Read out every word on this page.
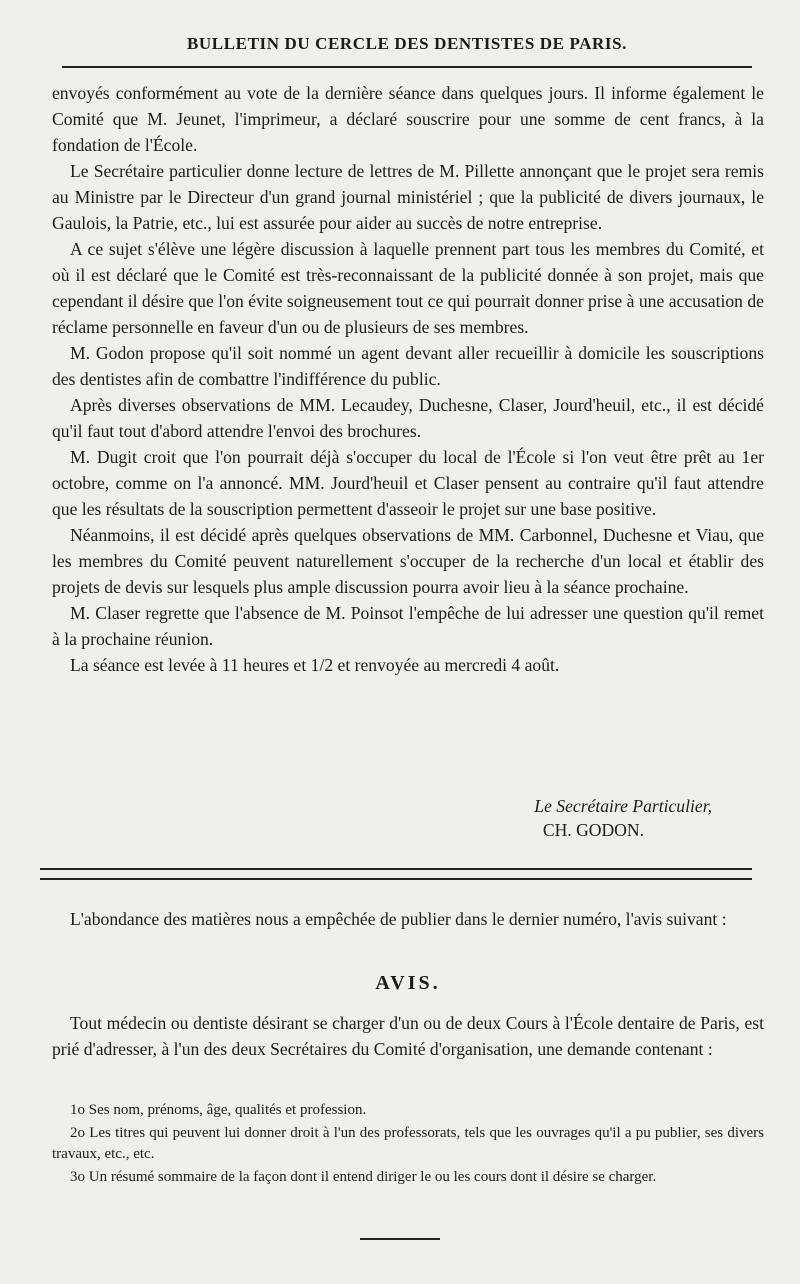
BULLETIN DU CERCLE DES DENTISTES DE PARIS.

envoyés conformément au vote de la dernière séance dans quelques jours. Il informe également le Comité que M. Jeunet, l'imprimeur, a déclaré souscrire pour une somme de cent francs, à la fondation de l'École.

Le Secrétaire particulier donne lecture de lettres de M. Pillette annonçant que le projet sera remis au Ministre par le Directeur d'un grand journal ministériel ; que la publicité de divers journaux, le Gaulois, la Patrie, etc., lui est assurée pour aider au succès de notre entreprise.

A ce sujet s'élève une légère discussion à laquelle prennent part tous les membres du Comité, et où il est déclaré que le Comité est très-reconnaissant de la publicité donnée à son projet, mais que cependant il désire que l'on évite soigneusement tout ce qui pourrait donner prise à une accusation de réclame personnelle en faveur d'un ou de plusieurs de ses membres.

M. Godon propose qu'il soit nommé un agent devant aller recueillir à domicile les souscriptions des dentistes afin de combattre l'indifférence du public.

Après diverses observations de MM. Lecaudey, Duchesne, Claser, Jourd'heuil, etc., il est décidé qu'il faut tout d'abord attendre l'envoi des brochures.

M. Dugit croit que l'on pourrait déjà s'occuper du local de l'École si l'on veut être prêt au 1er octobre, comme on l'a annoncé. MM. Jourd'heuil et Claser pensent au contraire qu'il faut attendre que les résultats de la souscription permettent d'asseoir le projet sur une base positive.

Néanmoins, il est décidé après quelques observations de MM. Carbonnel, Duchesne et Viau, que les membres du Comité peuvent naturellement s'occuper de la recherche d'un local et établir des projets de devis sur lesquels plus ample discussion pourra avoir lieu à la séance prochaine.

M. Claser regrette que l'absence de M. Poinsot l'empêche de lui adresser une question qu'il remet à la prochaine réunion.

La séance est levée à 11 heures et 1/2 et renvoyée au mercredi 4 août.

Le Secrétaire Particulier,
CH. GODON.

L'abondance des matières nous a empêchée de publier dans le dernier numéro, l'avis suivant :

AVIS.

Tout médecin ou dentiste désirant se charger d'un ou de deux Cours à l'École dentaire de Paris, est prié d'adresser, à l'un des deux Secrétaires du Comité d'organisation, une demande contenant :

1o Ses nom, prénoms, âge, qualités et profession.

2o Les titres qui peuvent lui donner droit à l'un des professorats, tels que les ouvrages qu'il a pu publier, ses divers travaux, etc., etc.

3o Un résumé sommaire de la façon dont il entend diriger le ou les cours dont il désire se charger.
